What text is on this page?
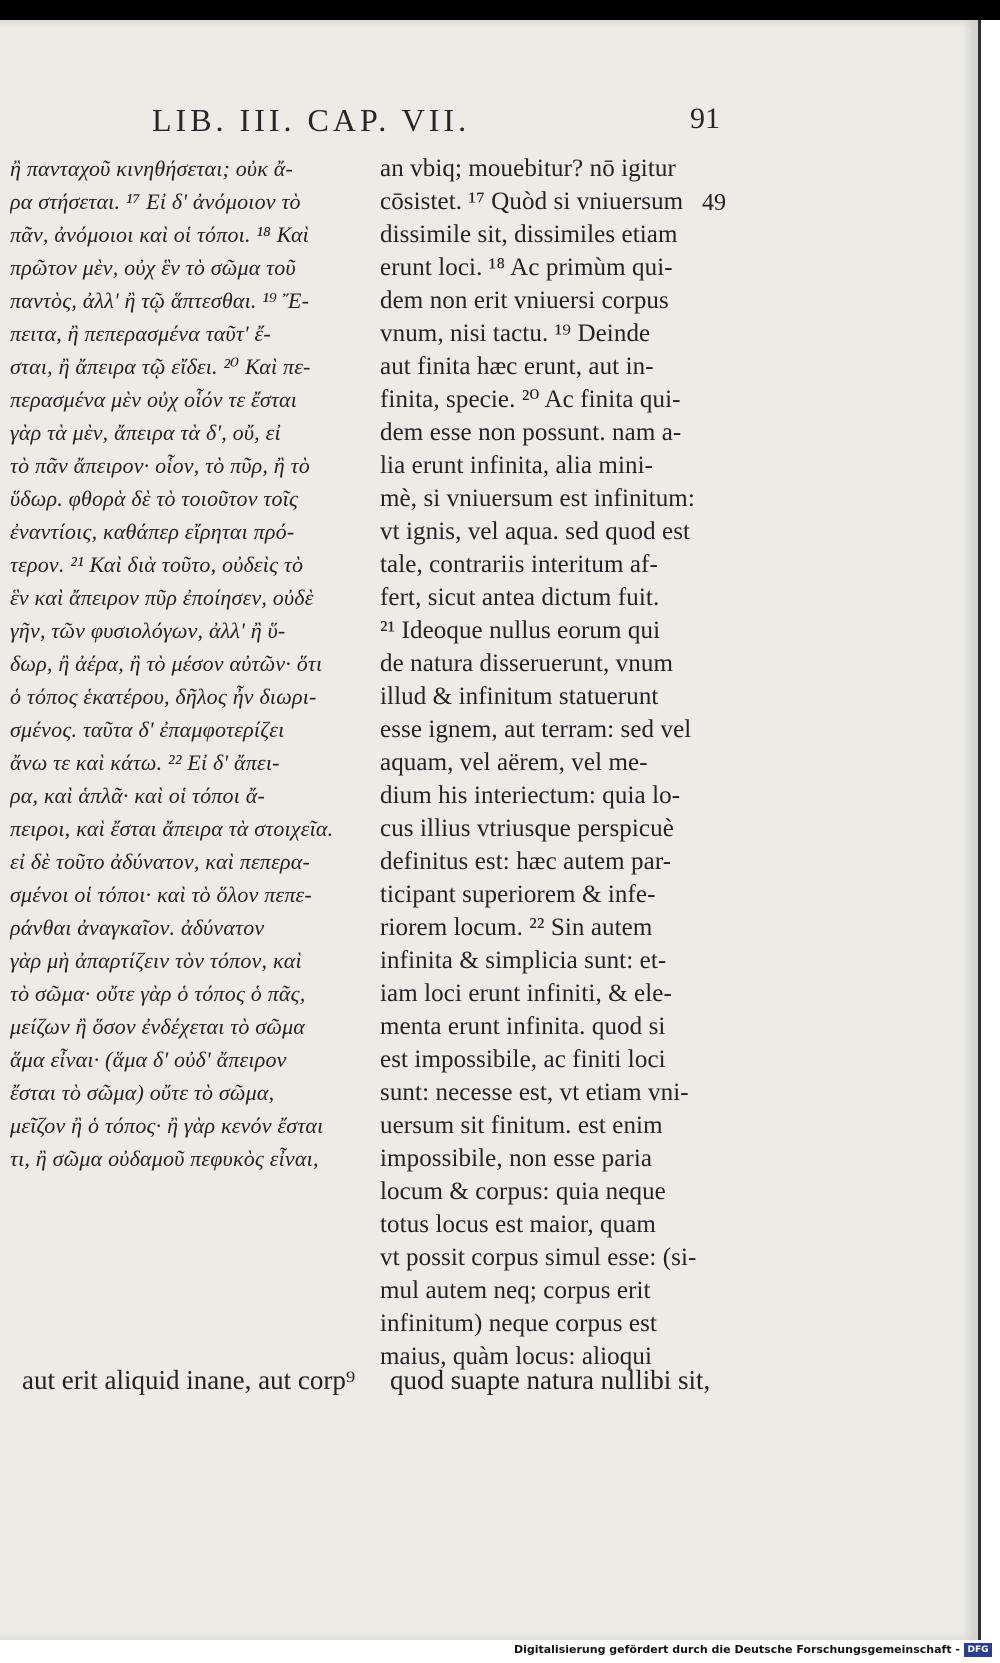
LIB. III. CAP. VII.	91
49
ἢ πανταχοῦ κινηθήσεται; οὐκ ἄ-
ρα στήσεται. ¹⁷ Εἰ δ' ἀνόμοιον τὸ
πᾶν, ἀνόμοιοι καὶ οἱ τόποι. ¹⁸ Καὶ
πρῶτον μὲν, οὐχ ἓν τὸ σῶμα τοῦ
παντὸς, ἀλλ' ἢ τῷ ἅπτεσθαι. ¹⁹ Ἔ-
πειτα, ἢ πεπερασμένα ταῦτ' ἔ-
σται, ἢ ἄπειρα τῷ εἴδει. ²⁰ Καὶ πε-
περασμένα μὲν οὐχ οἷόν τε ἔσται
γὰρ τὰ μὲν, ἄπειρα τὰ δ', οὔ, εἰ
τὸ πᾶν ἄπειρον· οἷον, τὸ πῦρ, ἢ τὸ
ὕδωρ. φθορὰ δὲ τὸ τοιοῦτον τοῖς
ἐναντίοις, καθάπερ εἴρηται πρό-
τερον. ²¹ Καὶ διὰ τοῦτο, οὐδεὶς τὸ
ἓν καὶ ἄπειρον πῦρ ἐποίησεν, οὐδὲ
γῆν, τῶν φυσιολόγων, ἀλλ' ἢ ὕ-
δωρ, ἢ ἀέρα, ἢ τὸ μέσον αὐτῶν· ὅτι
ὁ τόπος ἑκατέρου, δῆλος ἦν διωρι-
σμένος. ταῦτα δ' ἐπαμφοτερίζει
ἄνω τε καὶ κάτω. ²² Εἰ δ' ἄπει-
ρα, καὶ ἁπλᾶ· καὶ οἱ τόποι ἄ-
πειροι, καὶ ἔσται ἄπειρα τὰ στοιχεῖα.
εἰ δὲ τοῦτο ἀδύνατον, καὶ πεπερα-
σμένοι οἱ τόποι· καὶ τὸ ὅλον πεπε-
ράνθαι ἀναγκαῖον. ἀδύνατον
γὰρ μὴ ἀπαρτίζειν τὸν τόπον, καὶ
τὸ σῶμα· οὔτε γὰρ ὁ τόπος ὁ πᾶς,
μείζων ἢ ὅσον ἐνδέχεται τὸ σῶμα
ἅμα εἶναι· (ἅμα δ' οὐδ' ἄπειρον
ἔσται τὸ σῶμα) οὔτε τὸ σῶμα,
μεῖζον ἢ ὁ τόπος· ἢ γὰρ κενόν ἔσται
τι, ἢ σῶμα οὐδαμοῦ πεφυκὸς εἶναι,
an vbiq; mouebitur? nō igitur
cōsistet. ¹⁷ Quòd si vniuersum
dissimile sit, dissimiles etiam
erunt loci. ¹⁸ Ac primùm qui-
dem non erit vniuersi corpus
vnum, nisi tactu. ¹⁹ Deinde
aut finita hæc erunt, aut in-
finita, specie. ²⁰ Ac finita qui-
dem esse non possunt. nam a-
lia erunt infinita, alia mini-
mè, si vniuersum est infinitum:
vt ignis, vel aqua. sed quod est
tale, contrariis interitum af-
fert, sicut antea dictum fuit.
²¹ Ideoque nullus eorum qui
de natura disseruerunt, vnum
illud & infinitum statuerunt
esse ignem, aut terram: sed vel
aquam, vel aërem, vel me-
dium his interiectum: quia lo-
cus illius vtriusque perspicuè
definitus est: hæc autem par-
ticipant superiorem & infe-
riorem locum. ²² Sin autem
infinita & simplicia sunt: et-
iam loci erunt infiniti, & ele-
menta erunt infinita. quod si
est impossibile, ac finiti loci
sunt: necesse est, vt etiam vni-
uersum sit finitum. est enim
impossibile, non esse paria
locum & corpus: quia neque
totus locus est maior, quam
vt possit corpus simul esse: (si-
mul autem neq; corpus erit
infinitum) neque corpus est
maius, quàm locus: alioqui
aut erit aliquid inane, aut corp⁹ quod suapte natura nullibi sit,
Digitalisierung gefördert durch die Deutsche Forschungsgemeinschaft - DFG
